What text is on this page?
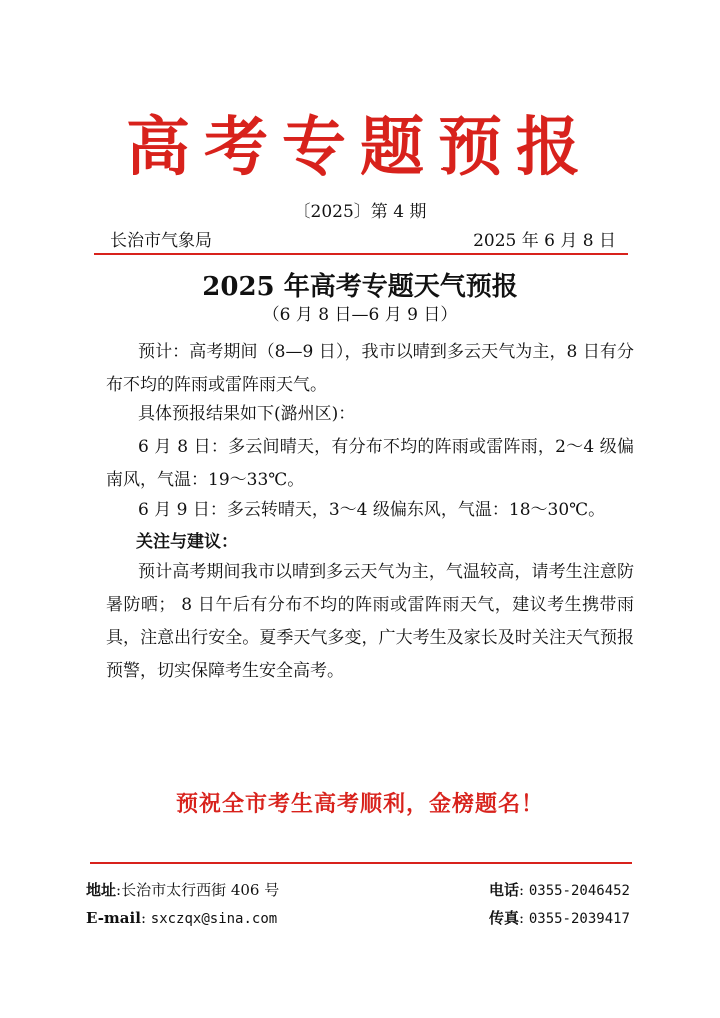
高考专题预报
〔2025〕第 4 期
长治市气象局	2025 年 6 月 8 日
2025 年高考专题天气预报
（6 月 8 日—6 月 9 日）

预计：高考期间（8—9 日），我市以晴到多云天气为主，8 日有分布不均的阵雨或雷阵雨天气。

具体预报结果如下(潞州区)：

6 月 8 日：多云间晴天，有分布不均的阵雨或雷阵雨，2～4 级偏南风，气温：19～33℃。

6 月 9 日：多云转晴天，3～4 级偏东风，气温：18～30℃。

关注与建议：

预计高考期间我市以晴到多云天气为主，气温较高，请考生注意防暑防晒； 8 日午后有分布不均的阵雨或雷阵雨天气，建议考生携带雨具，注意出行安全。夏季天气多变，广大考生及家长及时关注天气预报预警，切实保障考生安全高考。

预祝全市考生高考顺利，金榜题名！
地址:长治市太行西街 406 号
E-mail: sxczqx@sina.com
电话: 0355-2046452
传真: 0355-2039417
